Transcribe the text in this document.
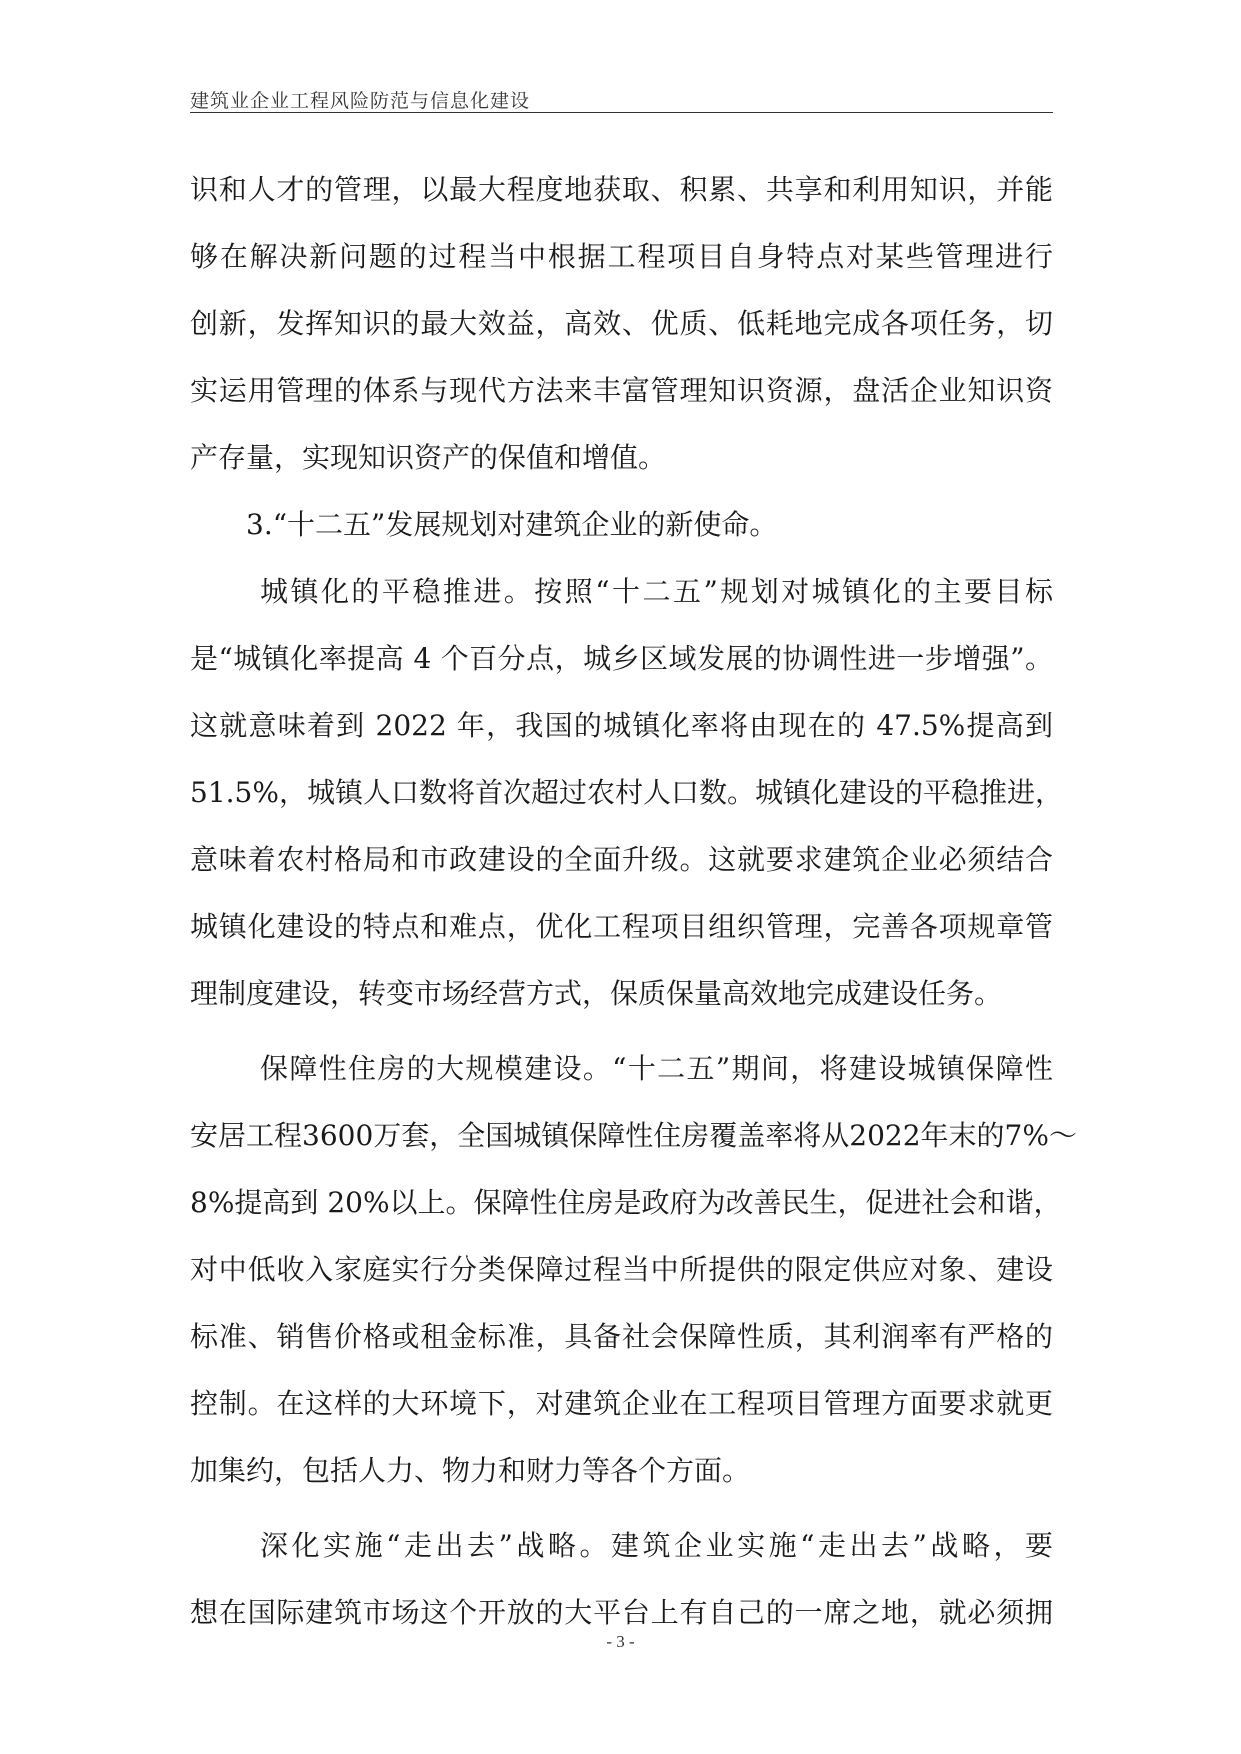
建筑业企业工程风险防范与信息化建设
识和人才的管理，以最大程度地获取、积累、共享和利用知识，并能
够在解决新问题的过程当中根据工程项目自身特点对某些管理进行
创新，发挥知识的最大效益，高效、优质、低耗地完成各项任务，切
实运用管理的体系与现代方法来丰富管理知识资源，盘活企业知识资
产存量，实现知识资产的保值和增值。
3.“十二五”发展规划对建筑企业的新使命。
城镇化的平稳推进。按照“十二五”规划对城镇化的主要目标
是“城镇化率提高 4 个百分点，城乡区域发展的协调性进一步增强”。
这就意味着到 2022 年，我国的城镇化率将由现在的 47.5%提高到
51.5%，城镇人口数将首次超过农村人口数。城镇化建设的平稳推进，
意味着农村格局和市政建设的全面升级。这就要求建筑企业必须结合
城镇化建设的特点和难点，优化工程项目组织管理，完善各项规章管
理制度建设，转变市场经营方式，保质保量高效地完成建设任务。
保障性住房的大规模建设。“十二五”期间，将建设城镇保障性
安居工程3600万套，全国城镇保障性住房覆盖率将从2022年末的7%～
8%提高到 20%以上。保障性住房是政府为改善民生，促进社会和谐，
对中低收入家庭实行分类保障过程当中所提供的限定供应对象、建设
标准、销售价格或租金标准，具备社会保障性质，其利润率有严格的
控制。在这样的大环境下，对建筑企业在工程项目管理方面要求就更
加集约，包括人力、物力和财力等各个方面。
深化实施“走出去”战略。建筑企业实施“走出去”战略，要
想在国际建筑市场这个开放的大平台上有自己的一席之地，就必须拥
- 3 -
